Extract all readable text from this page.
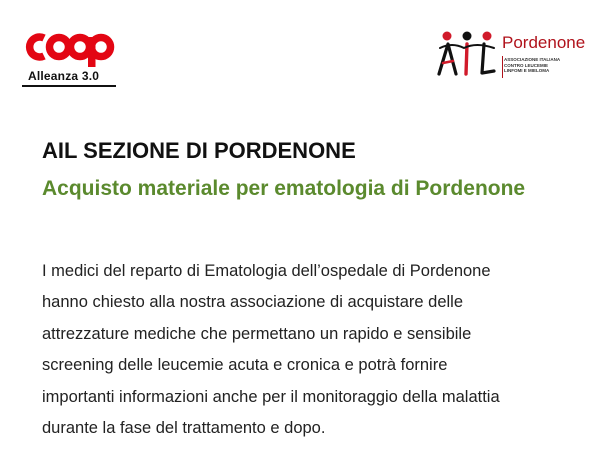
Alleanza 3.0
Pordenone
ASSOCIAZIONE ITALIANA
CONTRO LEUCEMIE
LINFOMI E MIELOMA
AIL SEZIONE DI PORDENONE
Acquisto materiale per ematologia di Pordenone
I medici del reparto di Ematologia dell’ospedale di Pordenone
hanno chiesto alla nostra associazione di acquistare delle
attrezzature mediche che permettano un rapido e sensibile
screening delle leucemie acuta e cronica e potrà fornire
importanti informazioni anche per il monitoraggio della malattia
durante la fase del trattamento e dopo.
